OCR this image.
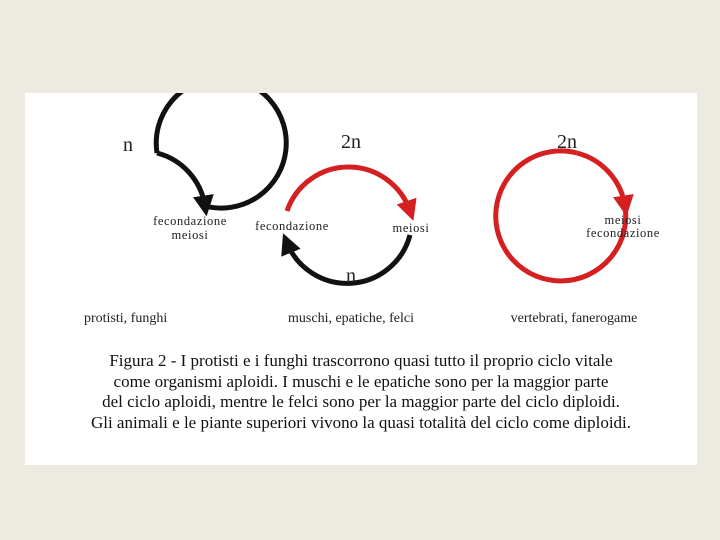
n
fecondazione
meiosi
protisti, funghi
2n
n
fecondazione	meiosi
muschi, epatiche, felci
2n
meiosi
fecondazione
vertebrati, fanerogame
Figura 2 - I protisti e i funghi trascorrono quasi tutto il proprio ciclo vitale
come organismi aploidi. I muschi e le epatiche sono per la maggior parte
del ciclo aploidi, mentre le felci sono per la maggior parte del ciclo diploidi.
Gli animali e le piante superiori vivono la quasi totalità del ciclo come diploidi.
